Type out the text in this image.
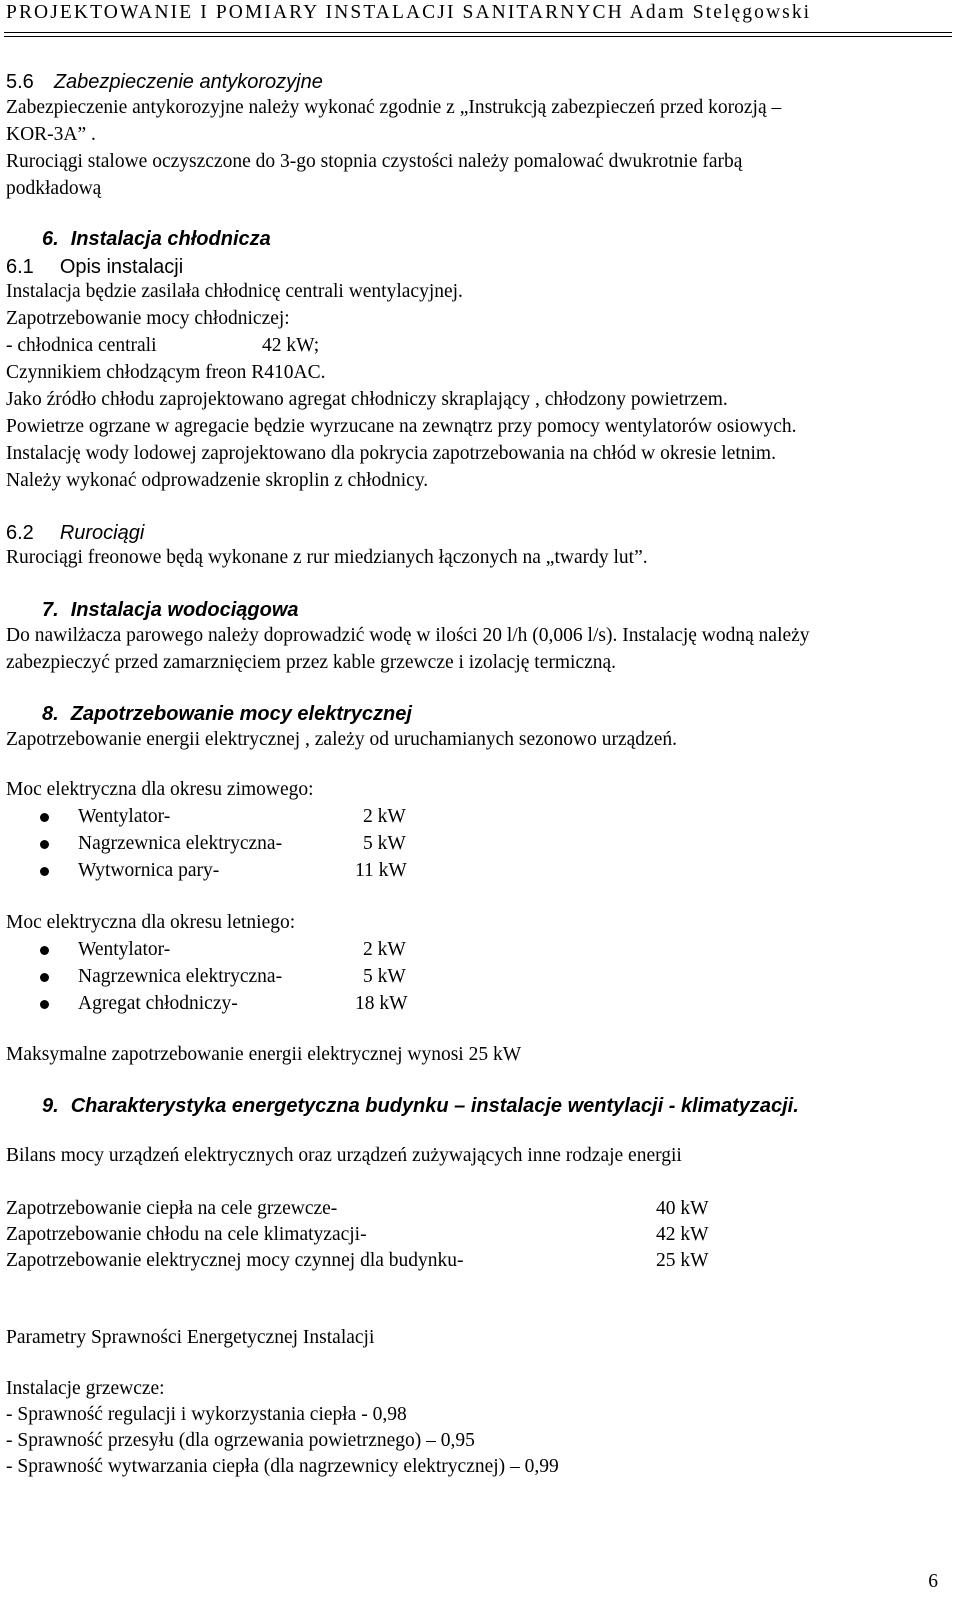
PROJEKTOWANIE I POMIARY INSTALACJI SANITARNYCH Adam Stelęgowski
5.6 Zabezpieczenie antykorozyjne
Zabezpieczenie antykorozyjne należy wykonać zgodnie z „Instrukcją zabezpieczeń przed korozją –
KOR-3A” .
Rurociągi stalowe oczyszczone do 3-go stopnia czystości należy pomalować dwukrotnie farbą
podkładową
6. Instalacja chłodnicza
6.1 Opis instalacji
Instalacja będzie zasilała chłodnicę centrali wentylacyjnej.
Zapotrzebowanie mocy chłodniczej:
- chłodnica centrali	42 kW;
Czynnikiem chłodzącym freon R410AC.
Jako źródło chłodu zaprojektowano agregat chłodniczy skraplający , chłodzony powietrzem.
Powietrze ogrzane w agregacie będzie wyrzucane na zewnątrz przy pomocy wentylatorów osiowych.
Instalację wody lodowej zaprojektowano dla pokrycia zapotrzebowania na chłód w okresie letnim.
Należy wykonać odprowadzenie skroplin z chłodnicy.
6.2 Rurociągi
Rurociągi freonowe będą wykonane z rur miedzianych łączonych na „twardy lut”.
7. Instalacja wodociągowa
Do nawilżacza parowego należy doprowadzić wodę w ilości 20 l/h (0,006 l/s). Instalację wodną należy
zabezpieczyć przed zamarznięciem przez kable grzewcze i izolację termiczną.
8. Zapotrzebowanie mocy elektrycznej
Zapotrzebowanie energii elektrycznej , zależy od uruchamianych sezonowo urządzeń.
Moc elektryczna dla okresu zimowego:
Wentylator-	2 kW
Nagrzewnica elektryczna-	5 kW
Wytwornica pary-	11 kW
Moc elektryczna dla okresu letniego:
Wentylator-	2 kW
Nagrzewnica elektryczna-	5 kW
Agregat chłodniczy-	18 kW
Maksymalne zapotrzebowanie energii elektrycznej wynosi 25 kW
9. Charakterystyka energetyczna budynku – instalacje wentylacji - klimatyzacji.
Bilans mocy urządzeń elektrycznych oraz urządzeń zużywających inne rodzaje energii
Zapotrzebowanie ciepła na cele grzewcze-	40 kW
Zapotrzebowanie chłodu na cele klimatyzacji-	42 kW
Zapotrzebowanie elektrycznej mocy czynnej dla budynku-	25 kW
Parametry Sprawności Energetycznej Instalacji
Instalacje grzewcze:
- Sprawność regulacji i wykorzystania ciepła - 0,98
- Sprawność przesyłu (dla ogrzewania powietrznego) – 0,95
- Sprawność wytwarzania ciepła (dla nagrzewnicy elektrycznej) – 0,99
6
